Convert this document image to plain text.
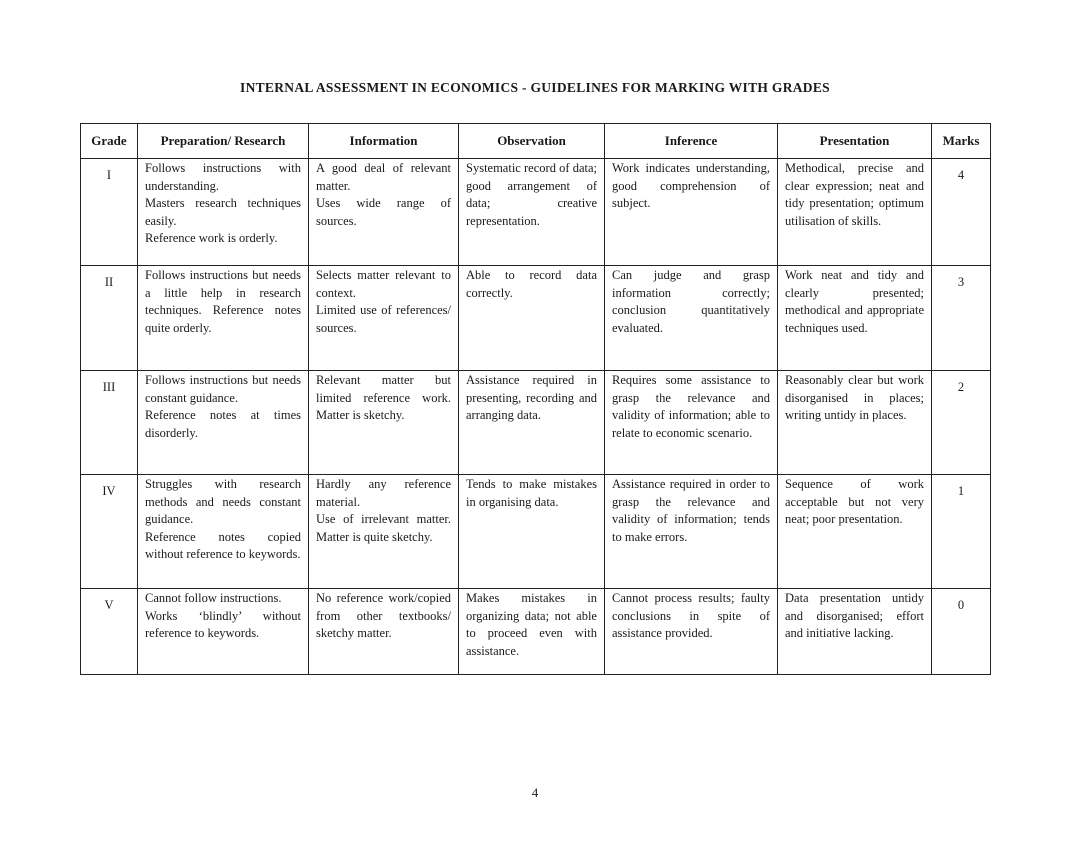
INTERNAL ASSESSMENT IN ECONOMICS - GUIDELINES FOR MARKING WITH GRADES
Grade	Preparation/ Research	Information	Observation	Inference	Presentation	Marks
I	Follows instructions with understanding.
Masters research techniques easily.
Reference work is orderly.	A good deal of relevant matter.
Uses wide range of sources.	Systematic record of data; good arrangement of data; creative representation.	Work indicates understanding, good comprehension of subject.	Methodical, precise and clear expression; neat and tidy presentation; optimum utilisation of skills.	4
II	Follows instructions but needs a little help in research techniques. Reference notes quite orderly.	Selects matter relevant to context.
Limited use of references/ sources.	Able to record data correctly.	Can judge and grasp information correctly; conclusion quantitatively evaluated.	Work neat and tidy and clearly presented; methodical and appropriate techniques used.	3
III	Follows instructions but needs constant guidance.
Reference notes at times disorderly.	Relevant matter but limited reference work. Matter is sketchy.	Assistance required in presenting, recording and arranging data.	Requires some assistance to grasp the relevance and validity of information; able to relate to economic scenario.	Reasonably clear but work disorganised in places; writing untidy in places.	2
IV	Struggles with research methods and needs constant guidance.
Reference notes copied without reference to keywords.	Hardly any reference material.
Use of irrelevant matter. Matter is quite sketchy.	Tends to make mistakes in organising data.	Assistance required in order to grasp the relevance and validity of information; tends to make errors.	Sequence of work acceptable but not very neat; poor presentation.	1
V	Cannot follow instructions.
Works ‘blindly’ without reference to keywords.	No reference work/copied from other textbooks/ sketchy matter.	Makes mistakes in organizing data; not able to proceed even with assistance.	Cannot process results; faulty conclusions in spite of assistance provided.	Data presentation untidy and disorganised; effort and initiative lacking.	0
4
